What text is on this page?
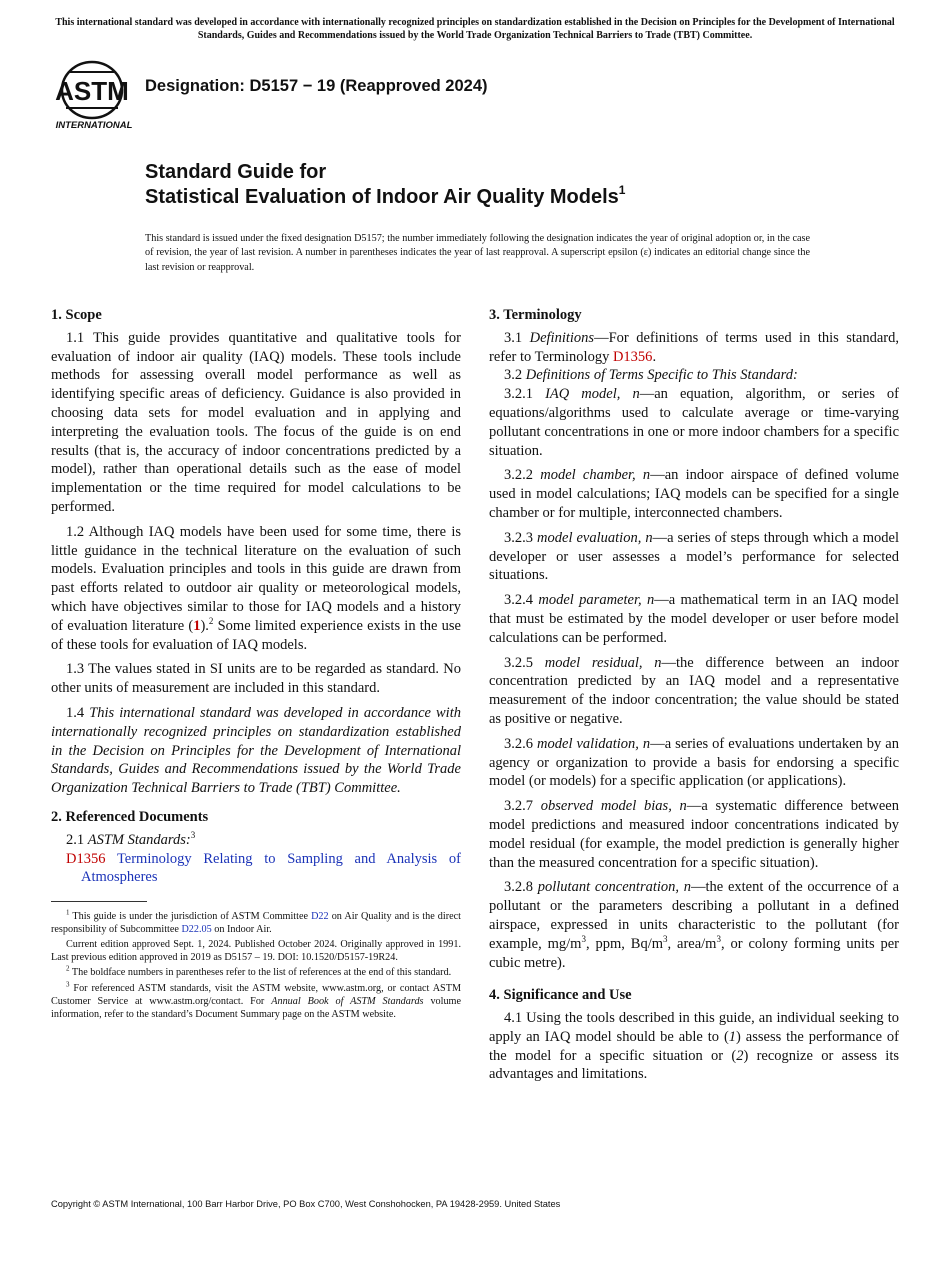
This international standard was developed in accordance with internationally recognized principles on standardization established in the Decision on Principles for the Development of International Standards, Guides and Recommendations issued by the World Trade Organization Technical Barriers to Trade (TBT) Committee.
ASTM
INTERNATIONAL
Designation: D5157 − 19 (Reapproved 2024)
Standard Guide for
Statistical Evaluation of Indoor Air Quality Models$^1$
This standard is issued under the fixed designation D5157; the number immediately following the designation indicates the year of original adoption or, in the case of revision, the year of last revision. A number in parentheses indicates the year of last reapproval. A superscript epsilon (ε) indicates an editorial change since the last revision or reapproval.
1. Scope

1.1 This guide provides quantitative and qualitative tools for evaluation of indoor air quality (IAQ) models. These tools include methods for assessing overall model performance as well as identifying specific areas of deficiency. Guidance is also provided in choosing data sets for model evaluation and in applying and interpreting the evaluation tools. The focus of the guide is on end results (that is, the accuracy of indoor concentrations predicted by a model), rather than operational details such as the ease of model implementation or the time required for model calculations to be performed.

1.2 Although IAQ models have been used for some time, there is little guidance in the technical literature on the evaluation of such models. Evaluation principles and tools in this guide are drawn from past efforts related to outdoor air quality or meteorological models, which have objectives similar to those for IAQ models and a history of evaluation literature (1).$^2$ Some limited experience exists in the use of these tools for evaluation of IAQ models.

1.3 The values stated in SI units are to be regarded as standard. No other units of measurement are included in this standard.

1.4 This international standard was developed in accordance with internationally recognized principles on standardization established in the Decision on Principles for the Development of International Standards, Guides and Recommendations issued by the World Trade Organization Technical Barriers to Trade (TBT) Committee.

2. Referenced Documents

2.1 ASTM Standards:$^3$

D1356 Terminology Relating to Sampling and Analysis of Atmospheres
$^1$ This guide is under the jurisdiction of ASTM Committee D22 on Air Quality and is the direct responsibility of Subcommittee D22.05 on Indoor Air.
Current edition approved Sept. 1, 2024. Published October 2024. Originally approved in 1991. Last previous edition approved in 2019 as D5157 – 19. DOI: 10.1520/D5157-19R24.
$^2$ The boldface numbers in parentheses refer to the list of references at the end of this standard.
$^3$ For referenced ASTM standards, visit the ASTM website, www.astm.org, or contact ASTM Customer Service at www.astm.org/contact. For Annual Book of ASTM Standards volume information, refer to the standard’s Document Summary page on the ASTM website.
3. Terminology

3.1 Definitions—For definitions of terms used in this standard, refer to Terminology D1356.

3.2 Definitions of Terms Specific to This Standard:

3.2.1 IAQ model, n—an equation, algorithm, or series of equations/algorithms used to calculate average or time-varying pollutant concentrations in one or more indoor chambers for a specific situation.

3.2.2 model chamber, n—an indoor airspace of defined volume used in model calculations; IAQ models can be specified for a single chamber or for multiple, interconnected chambers.

3.2.3 model evaluation, n—a series of steps through which a model developer or user assesses a model’s performance for selected situations.

3.2.4 model parameter, n—a mathematical term in an IAQ model that must be estimated by the model developer or user before model calculations can be performed.

3.2.5 model residual, n—the difference between an indoor concentration predicted by an IAQ model and a representative measurement of the indoor concentration; the value should be stated as positive or negative.

3.2.6 model validation, n—a series of evaluations undertaken by an agency or organization to provide a basis for endorsing a specific model (or models) for a specific application (or applications).

3.2.7 observed model bias, n—a systematic difference between model predictions and measured indoor concentrations indicated by model residual (for example, the model prediction is generally higher than the measured concentration for a specific situation).

3.2.8 pollutant concentration, n—the extent of the occurrence of a pollutant or the parameters describing a pollutant in a defined airspace, expressed in units characteristic to the pollutant (for example, $mg/m^3$, ppm, $Bq/m^3$, area/$m^3$, or colony forming units per cubic metre).

4. Significance and Use

4.1 Using the tools described in this guide, an individual seeking to apply an IAQ model should be able to (1) assess the performance of the model for a specific situation or (2) recognize or assess its advantages and limitations.

Copyright © ASTM International, 100 Barr Harbor Drive, PO Box C700, West Conshohocken, PA 19428-2959. United States
